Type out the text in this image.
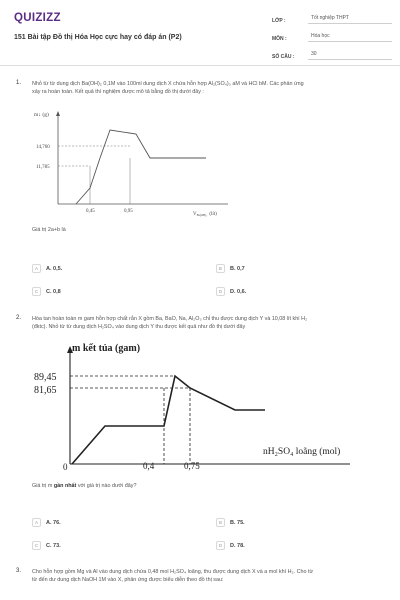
QUIZIZZ
151 Bài tập Đồ thị Hóa Học cực hay có đáp án (P2)
LỚP :	Tốt nghiệp THPT
MÔN :	Hóa học
SỐ CÂU :	30
1. Nhỏ từ từ dung dịch Ba(OH)₂ 0,1M vào 100ml dung dịch X chứa hỗn hợp Al₂(SO₄)₃ aM và HCl bM. Các phản ứng
xảy ra hoàn toàn. Kết quả thí nghiệm được mô tả bằng đồ thị dưới đây :
m↓ (g)
14,760
11,785
0,45	0,95
$V_{Ba(OH)_2}$ (lít)
Giá trị 2a+b là
A	A. 0,5.	B	B. 0,7
C	C. 0,8	D	D. 0,6.
2. Hòa tan hoàn toàn m gam hỗn hợp chất rắn X gồm Ba, BaO, Na, Al₂O₃ chỉ thu được dung dịch Y và 10,08 lít khí H₂
(đktc). Nhỏ từ từ dung dịch H₂SO₄ vào dung dịch Y thu được kết quả như đồ thị dưới đây
m kết tủa (gam)
89,45
81,65
0	0,4	0,75
nH₂SO₄ loãng (mol)
Giá trị m gần nhất với giá trị nào dưới đây?
A	A. 76.	B	B. 75.
C	C. 73.	D	D. 78.
3. Cho hỗn hợp gồm Mg và Al vào dung dịch chứa 0,48 mol H₂SO₄ loãng, thu được dung dịch X và a mol khí H₂. Cho từ
từ đến dư dung dịch NaOH 1M vào X, phản ứng được biểu diễn theo đồ thị sau:
